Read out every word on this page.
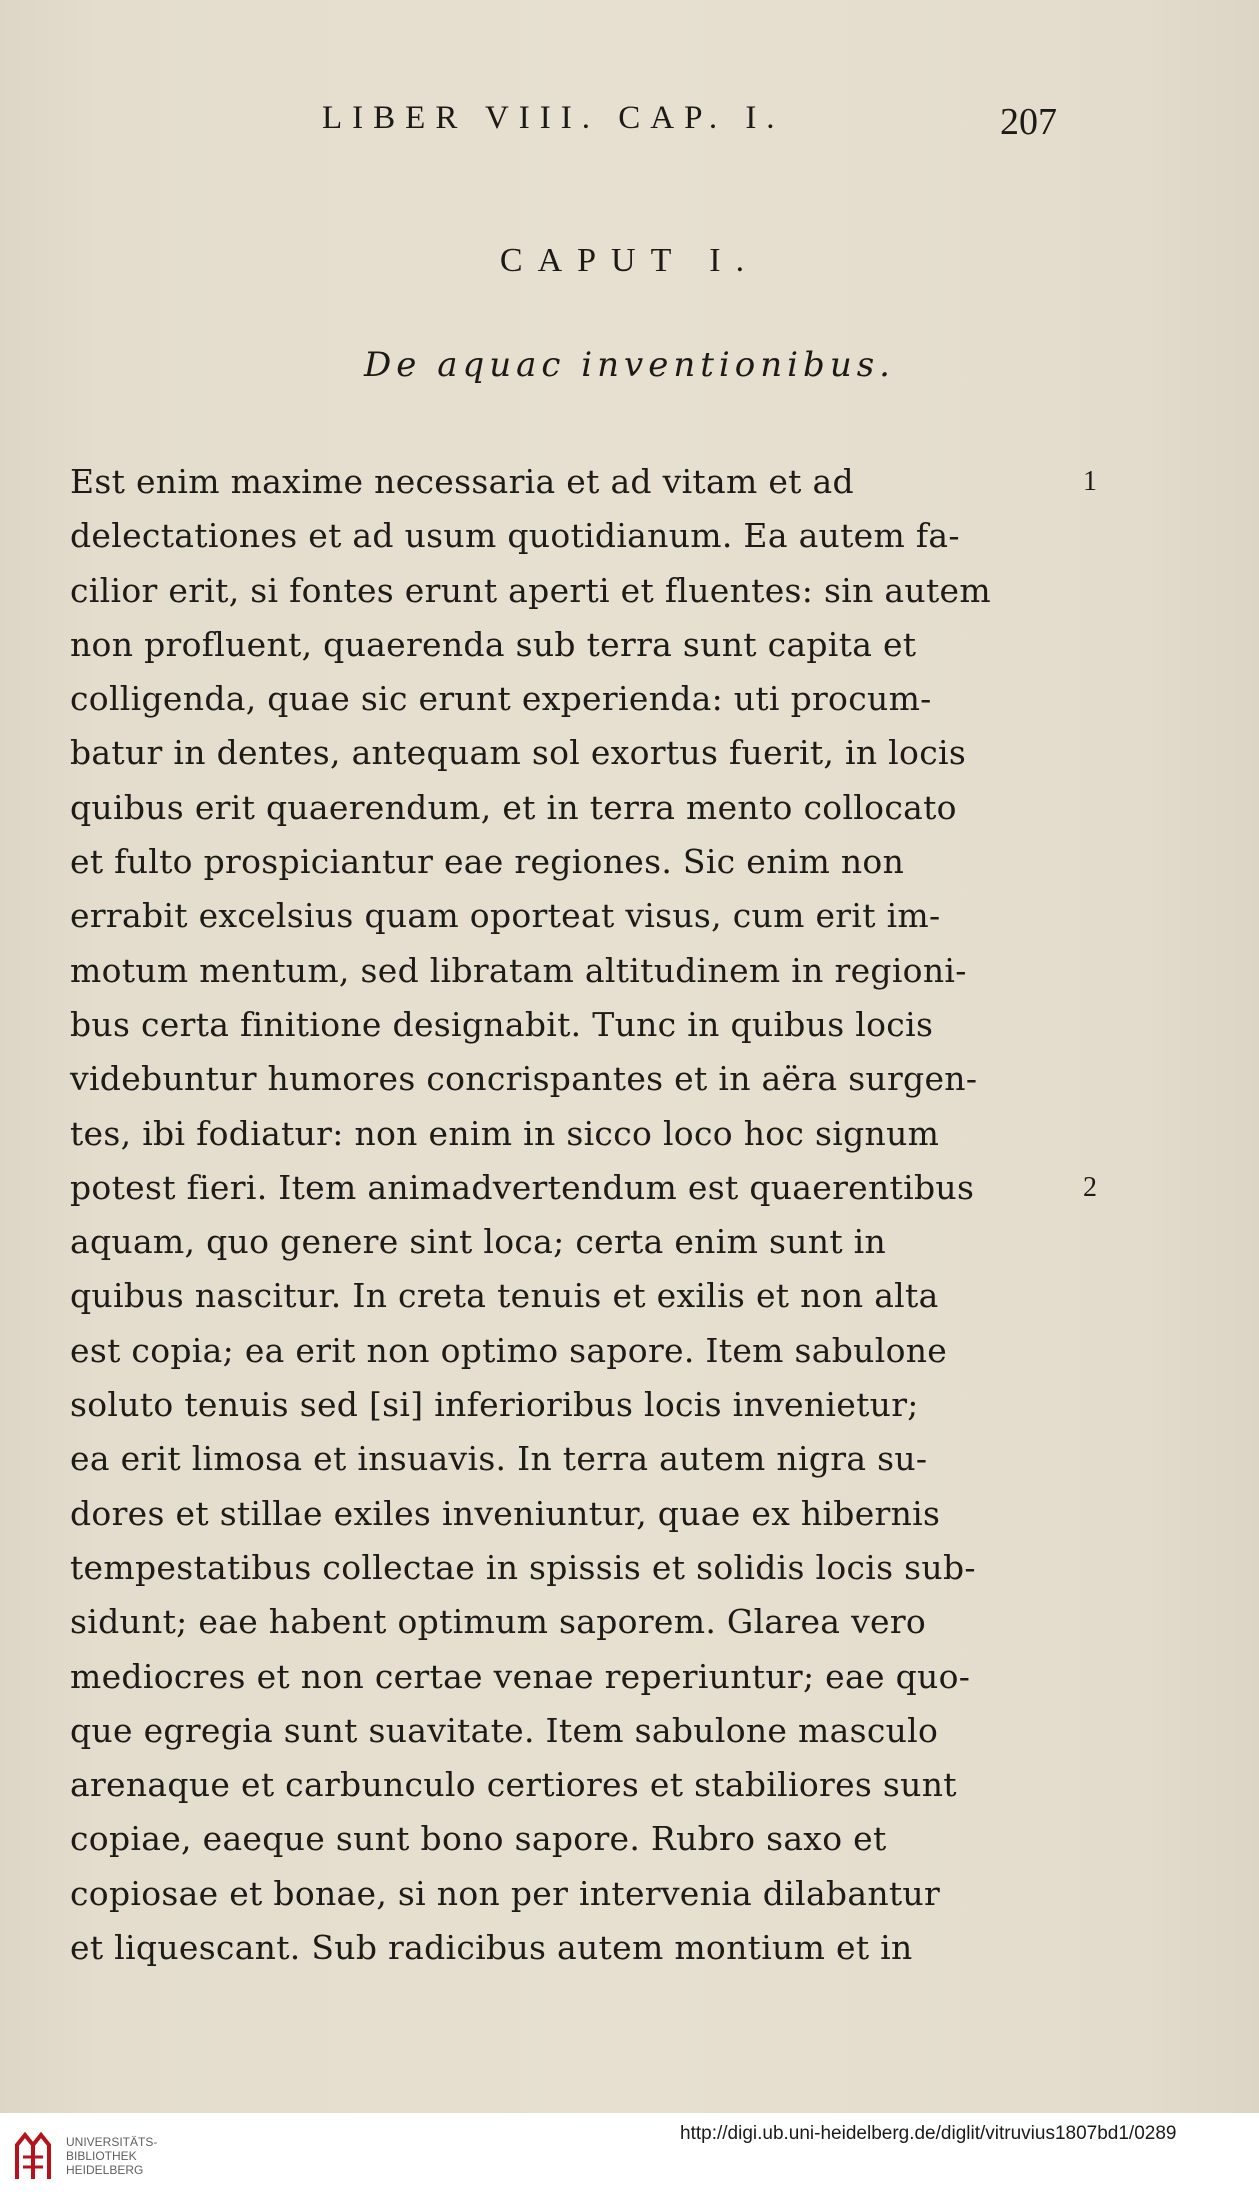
LIBER VIII. CAP. I.	207
CAPUT I.
De aquac inventionibus.
Est enim maxime necessaria et ad vitam et ad
delectationes et ad usum quotidianum. Ea autem fa-
cilior erit, si fontes erunt aperti et fluentes: sin autem
non profluent, quaerenda sub terra sunt capita et
colligenda, quae sic erunt experienda: uti procum-
batur in dentes, antequam sol exortus fuerit, in locis
quibus erit quaerendum, et in terra mento collocato
et fulto prospiciantur eae regiones. Sic enim non
errabit excelsius quam oporteat visus, cum erit im-
motum mentum, sed libratam altitudinem in regioni-
bus certa finitione designabit. Tunc in quibus locis
videbuntur humores concrispantes et in aëra surgen-
tes, ibi fodiatur: non enim in sicco loco hoc signum
potest fieri. Item animadvertendum est quaerentibus
aquam, quo genere sint loca; certa enim sunt in
quibus nascitur. In creta tenuis et exilis et non alta
est copia; ea erit non optimo sapore. Item sabulone
soluto tenuis sed [si] inferioribus locis invenietur;
ea erit limosa et insuavis. In terra autem nigra su-
dores et stillae exiles inveniuntur, quae ex hibernis
tempestatibus collectae in spissis et solidis locis sub-
sidunt; eae habent optimum saporem. Glarea vero
mediocres et non certae venae reperiuntur; eae quo-
que egregia sunt suavitate. Item sabulone masculo
arenaque et carbunculo certiores et stabiliores sunt
copiae, eaeque sunt bono sapore. Rubro saxo et
copiosae et bonae, si non per intervenia dilabantur
et liquescant. Sub radicibus autem montium et in
1
2
UNIVERSITÄTS-
BIBLIOTHEK
HEIDELBERG
http://digi.ub.uni-heidelberg.de/diglit/vitruvius1807bd1/0289
